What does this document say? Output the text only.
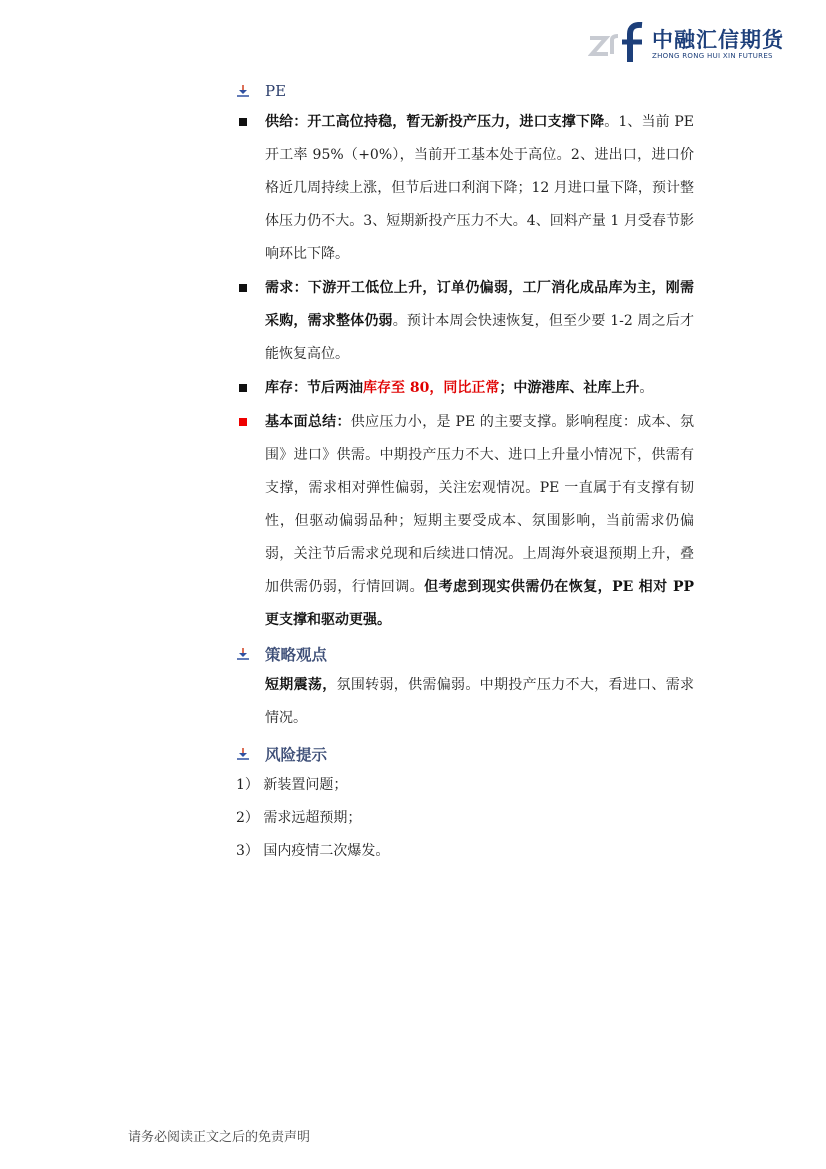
中融汇信期货
ZHONG RONG HUI XIN FUTURES
PE
供给：开工高位持稳，暂无新投产压力，进口支撑下降。1、当前 PE 开工率 95%（+0%），当前开工基本处于高位。2、进出口，进口价格近几周持续上涨，但节后进口利润下降；12 月进口量下降，预计整体压力仍不大。3、短期新投产压力不大。4、回料产量 1 月受春节影响环比下降。
需求：下游开工低位上升，订单仍偏弱，工厂消化成品库为主，刚需采购，需求整体仍弱。预计本周会快速恢复，但至少要 1-2 周之后才能恢复高位。
库存：节后两油库存至 80，同比正常；中游港库、社库上升。
基本面总结：供应压力小，是 PE 的主要支撑。影响程度：成本、氛围》进口》供需。中期投产压力不大、进口上升量小情况下，供需有支撑，需求相对弹性偏弱，关注宏观情况。PE 一直属于有支撑有韧性，但驱动偏弱品种；短期主要受成本、氛围影响，当前需求仍偏弱，关注节后需求兑现和后续进口情况。上周海外衰退预期上升，叠加供需仍弱，行情回调。但考虑到现实供需仍在恢复，PE 相对 PP 更支撑和驱动更强。
策略观点
短期震荡，氛围转弱，供需偏弱。中期投产压力不大，看进口、需求情况。
风险提示
1） 新装置问题；
2） 需求远超预期；
3） 国内疫情二次爆发。
请务必阅读正文之后的免责声明
